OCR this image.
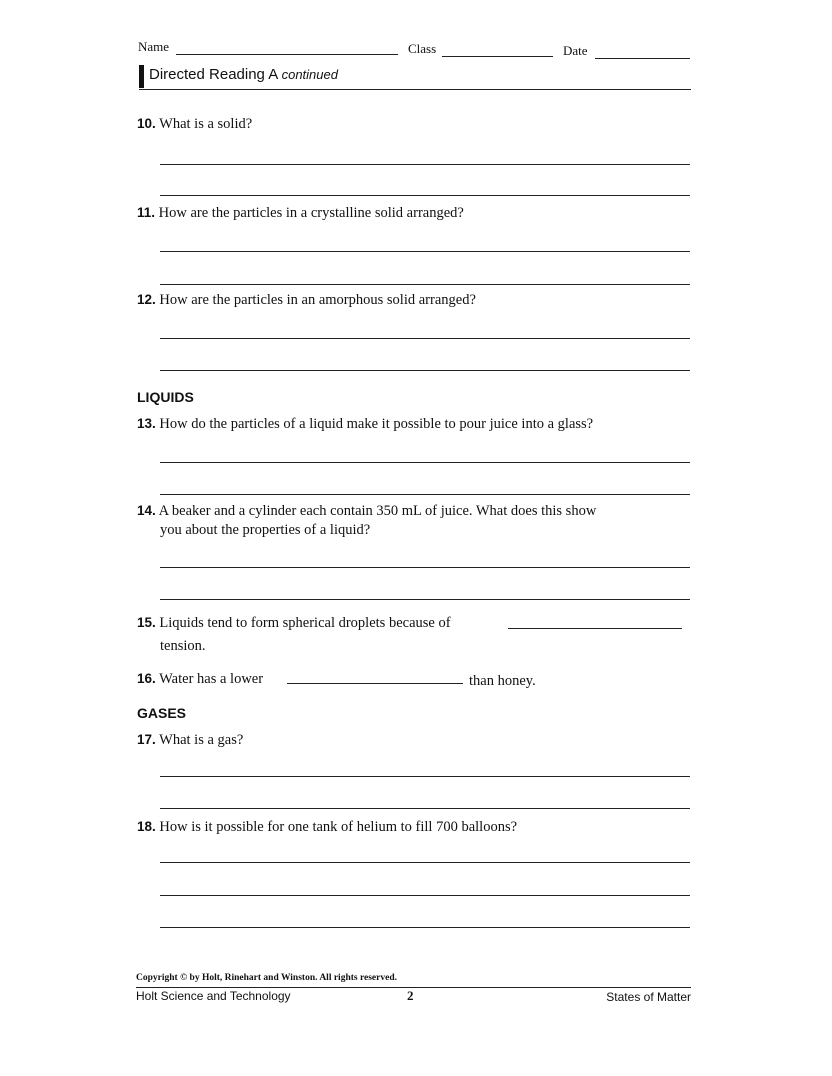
Name	Class	Date
Directed Reading A continued
10. What is a solid?
11. How are the particles in a crystalline solid arranged?
12. How are the particles in an amorphous solid arranged?
LIQUIDS
13. How do the particles of a liquid make it possible to pour juice into a glass?
14. A beaker and a cylinder each contain 350 mL of juice. What does this show
you about the properties of a liquid?
15. Liquids tend to form spherical droplets because of
tension.
16. Water has a lower	than honey.
GASES
17. What is a gas?
18. How is it possible for one tank of helium to fill 700 balloons?
Copyright © by Holt, Rinehart and Winston. All rights reserved.
Holt Science and Technology	2	States of Matter
